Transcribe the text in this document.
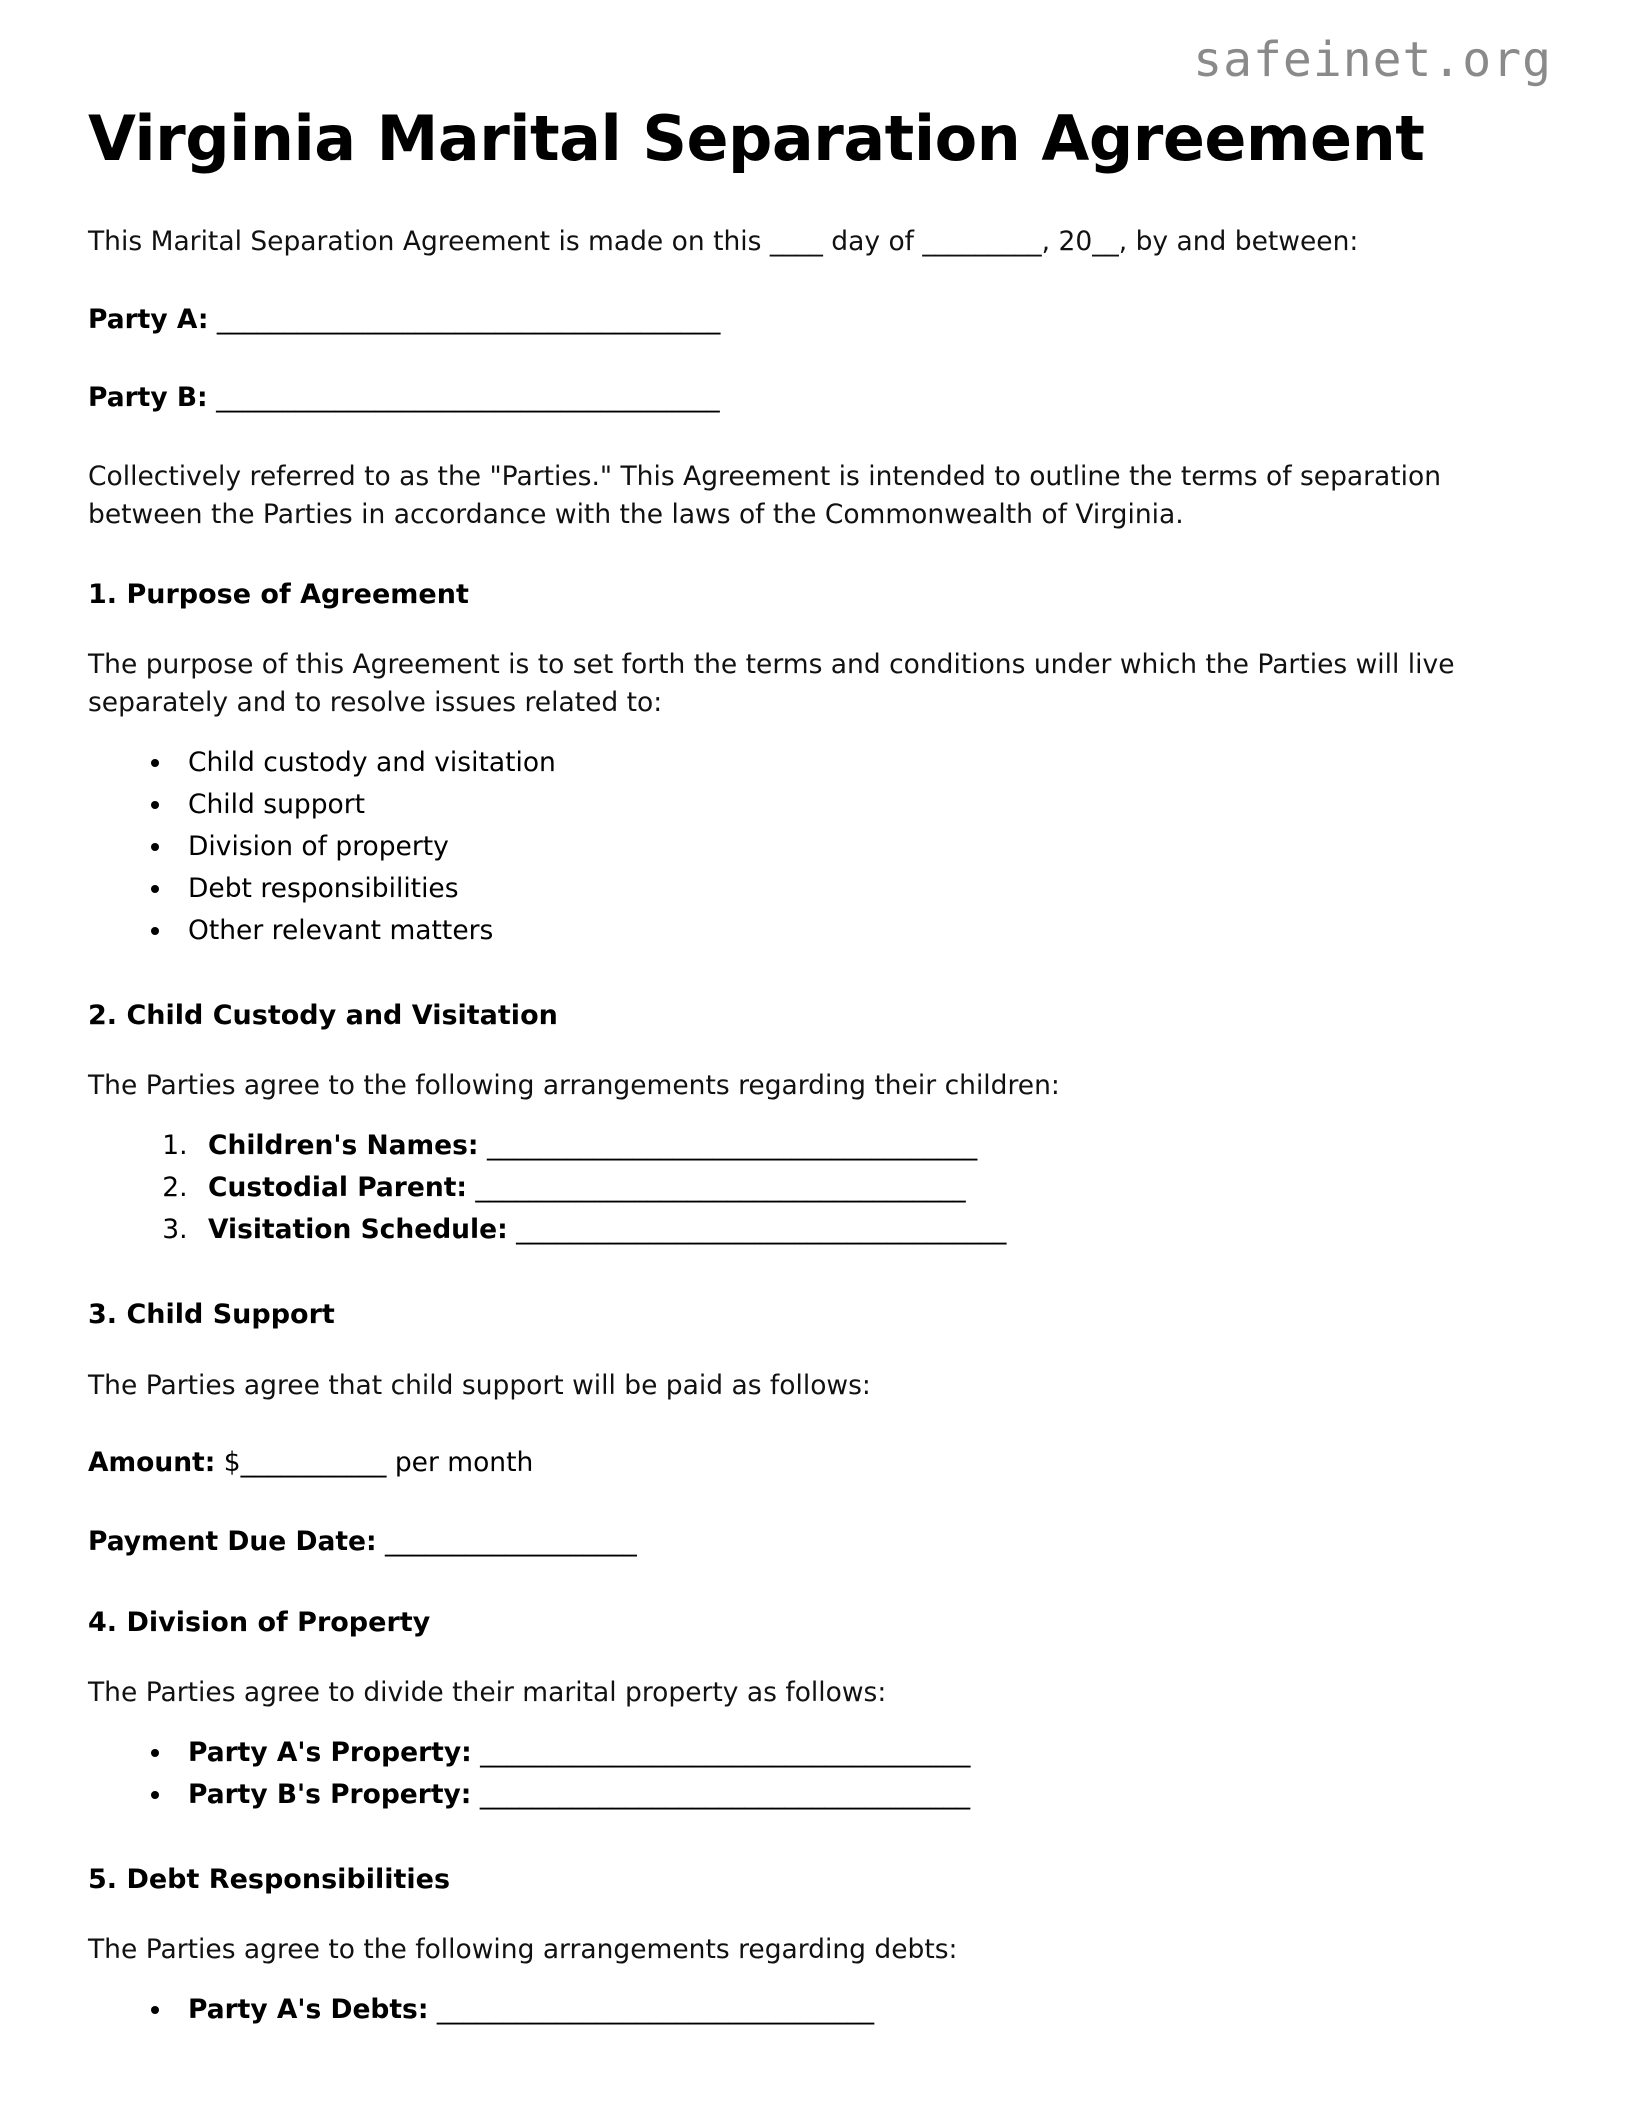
safeinet.org
Virginia Marital Separation Agreement

This Marital Separation Agreement is made on this ____ day of _________, 20__, by and between:

Party A: ______________________________________

Party B: ______________________________________

Collectively referred to as the "Parties." This Agreement is intended to outline the terms of separation between the Parties in accordance with the laws of the Commonwealth of Virginia.

1. Purpose of Agreement

The purpose of this Agreement is to set forth the terms and conditions under which the Parties will live separately and to resolve issues related to:

• Child custody and visitation
• Child support
• Division of property
• Debt responsibilities
• Other relevant matters
2. Child Custody and Visitation

The Parties agree to the following arrangements regarding their children:

1. Children's Names: _____________________________________
2. Custodial Parent: _____________________________________
3. Visitation Schedule: _____________________________________
3. Child Support

The Parties agree that child support will be paid as follows:

Amount: $___________ per month

Payment Due Date: ___________________

4. Division of Property

The Parties agree to divide their marital property as follows:

• Party A's Property: _____________________________________
• Party B's Property: _____________________________________
5. Debt Responsibilities

The Parties agree to the following arrangements regarding debts:

• Party A's Debts: _________________________________
